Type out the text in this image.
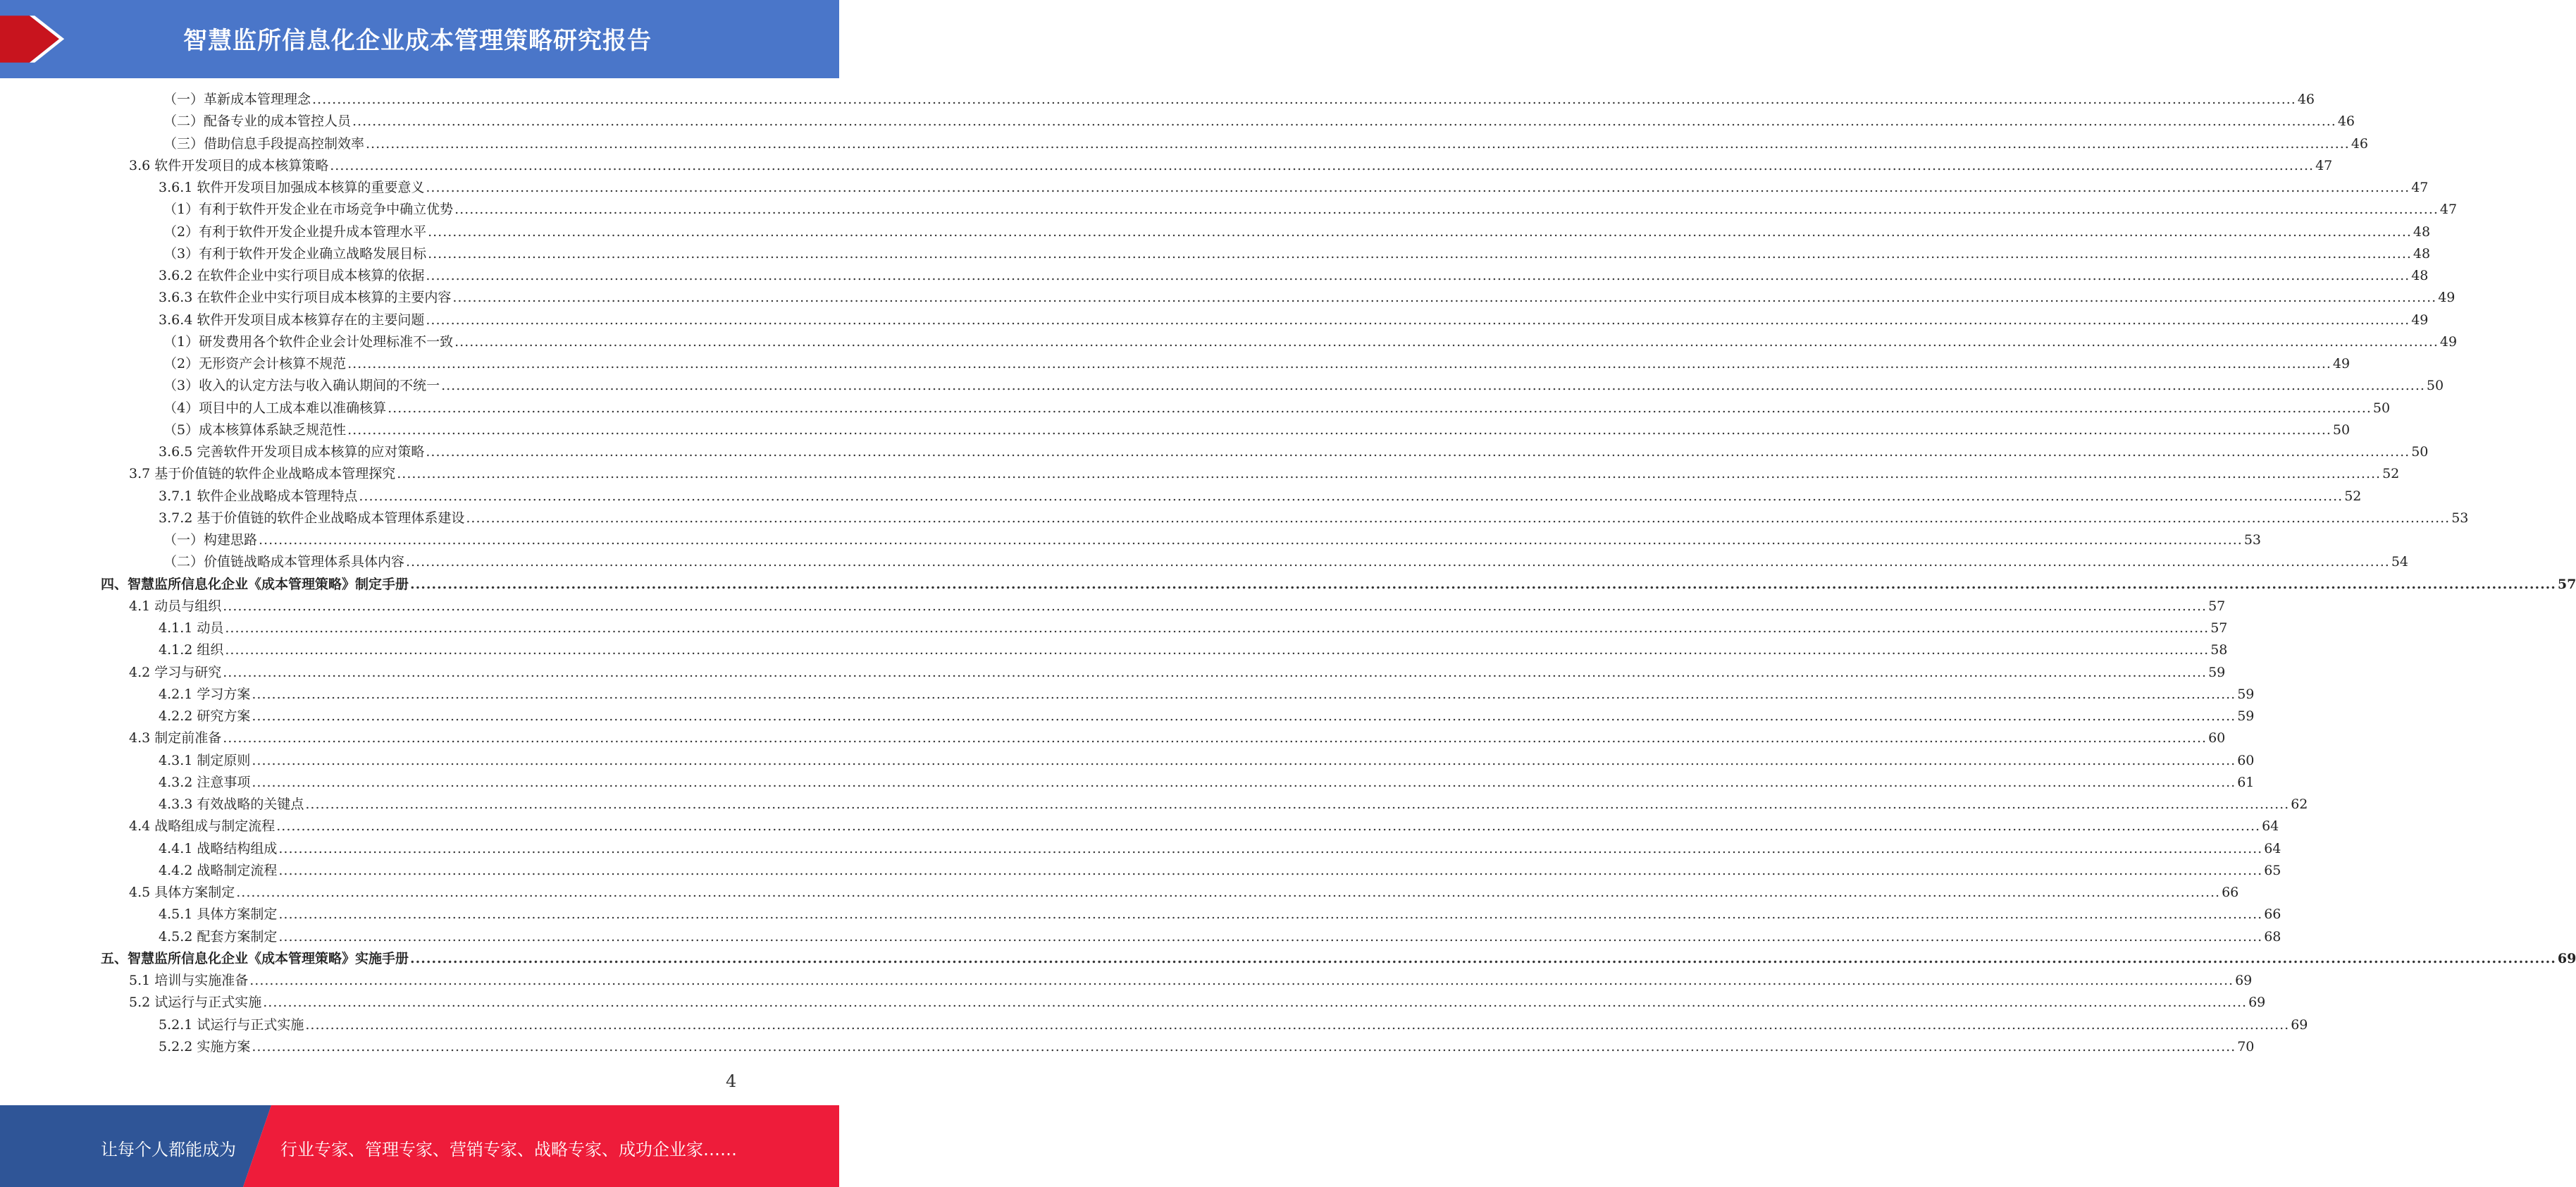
智慧监所信息化企业成本管理策略研究报告
（一）革新成本管理理念 ................................................................................................................................................................................................................................................................................................................................................................................................................ 46
（二）配备专业的成本管控人员 ................................................................................................................................................................................................................................................................................................................................................................................................................ 46
（三）借助信息手段提高控制效率 ................................................................................................................................................................................................................................................................................................................................................................................................................ 46
3.6 软件开发项目的成本核算策略 ................................................................................................................................................................................................................................................................................................................................................................................................................ 47
3.6.1 软件开发项目加强成本核算的重要意义 ................................................................................................................................................................................................................................................................................................................................................................................................................ 47
（1）有利于软件开发企业在市场竞争中确立优势 ................................................................................................................................................................................................................................................................................................................................................................................................................ 47
（2）有利于软件开发企业提升成本管理水平 ................................................................................................................................................................................................................................................................................................................................................................................................................ 48
（3）有利于软件开发企业确立战略发展目标 ................................................................................................................................................................................................................................................................................................................................................................................................................ 48
3.6.2 在软件企业中实行项目成本核算的依据 ................................................................................................................................................................................................................................................................................................................................................................................................................ 48
3.6.3 在软件企业中实行项目成本核算的主要内容 ................................................................................................................................................................................................................................................................................................................................................................................................................ 49
3.6.4 软件开发项目成本核算存在的主要问题 ................................................................................................................................................................................................................................................................................................................................................................................................................ 49
（1）研发费用各个软件企业会计处理标准不一致 ................................................................................................................................................................................................................................................................................................................................................................................................................ 49
（2）无形资产会计核算不规范 ................................................................................................................................................................................................................................................................................................................................................................................................................ 49
（3）收入的认定方法与收入确认期间的不统一 ................................................................................................................................................................................................................................................................................................................................................................................................................ 50
（4）项目中的人工成本难以准确核算 ................................................................................................................................................................................................................................................................................................................................................................................................................ 50
（5）成本核算体系缺乏规范性 ................................................................................................................................................................................................................................................................................................................................................................................................................ 50
3.6.5 完善软件开发项目成本核算的应对策略 ................................................................................................................................................................................................................................................................................................................................................................................................................ 50
3.7 基于价值链的软件企业战略成本管理探究 ................................................................................................................................................................................................................................................................................................................................................................................................................ 52
3.7.1 软件企业战略成本管理特点 ................................................................................................................................................................................................................................................................................................................................................................................................................ 52
3.7.2 基于价值链的软件企业战略成本管理体系建设 ................................................................................................................................................................................................................................................................................................................................................................................................................ 53
（一）构建思路 ................................................................................................................................................................................................................................................................................................................................................................................................................ 53
（二）价值链战略成本管理体系具体内容 ................................................................................................................................................................................................................................................................................................................................................................................................................ 54
四、智慧监所信息化企业《成本管理策略》制定手册 ................................................................................................................................................................................................................................................................................................................................................................................................................ 57
4.1 动员与组织 ................................................................................................................................................................................................................................................................................................................................................................................................................ 57
4.1.1 动员 ................................................................................................................................................................................................................................................................................................................................................................................................................ 57
4.1.2 组织 ................................................................................................................................................................................................................................................................................................................................................................................................................ 58
4.2 学习与研究 ................................................................................................................................................................................................................................................................................................................................................................................................................ 59
4.2.1 学习方案 ................................................................................................................................................................................................................................................................................................................................................................................................................ 59
4.2.2 研究方案 ................................................................................................................................................................................................................................................................................................................................................................................................................ 59
4.3 制定前准备 ................................................................................................................................................................................................................................................................................................................................................................................................................ 60
4.3.1 制定原则 ................................................................................................................................................................................................................................................................................................................................................................................................................ 60
4.3.2 注意事项 ................................................................................................................................................................................................................................................................................................................................................................................................................ 61
4.3.3 有效战略的关键点 ................................................................................................................................................................................................................................................................................................................................................................................................................ 62
4.4 战略组成与制定流程 ................................................................................................................................................................................................................................................................................................................................................................................................................ 64
4.4.1 战略结构组成 ................................................................................................................................................................................................................................................................................................................................................................................................................ 64
4.4.2 战略制定流程 ................................................................................................................................................................................................................................................................................................................................................................................................................ 65
4.5 具体方案制定 ................................................................................................................................................................................................................................................................................................................................................................................................................ 66
4.5.1 具体方案制定 ................................................................................................................................................................................................................................................................................................................................................................................................................ 66
4.5.2 配套方案制定 ................................................................................................................................................................................................................................................................................................................................................................................................................ 68
五、智慧监所信息化企业《成本管理策略》实施手册 ................................................................................................................................................................................................................................................................................................................................................................................................................ 69
5.1 培训与实施准备 ................................................................................................................................................................................................................................................................................................................................................................................................................ 69
5.2 试运行与正式实施 ................................................................................................................................................................................................................................................................................................................................................................................................................ 69
5.2.1 试运行与正式实施 ................................................................................................................................................................................................................................................................................................................................................................................................................ 69
5.2.2 实施方案 ................................................................................................................................................................................................................................................................................................................................................................................................................ 70
4
让每个人都能成为	行业专家、管理专家、营销专家、战略专家、成功企业家……
